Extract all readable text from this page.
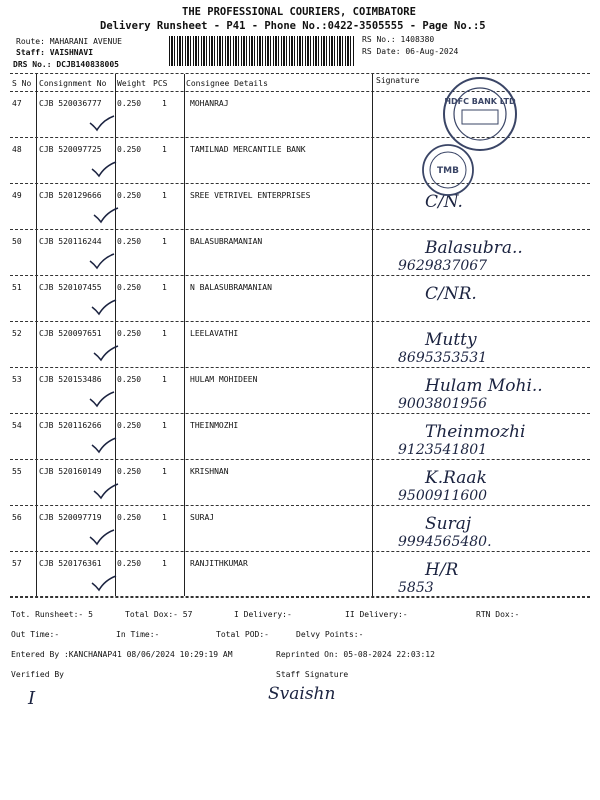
THE PROFESSIONAL COURIERS, COIMBATORE
Delivery Runsheet - P41 - Phone No.:0422-3505555 - Page No.:5
Route: MAHARANI AVENUE
Staff: VAISHNAVI
DRS No.: DCJB140838005
RS No.: 1408380
RS Date: 06-Aug-2024
S No Consignment No Weight PCS Consignee Details	Signature
47 CJB 520036777 0.250	1	MOHANRAJ
48 CJB 520097725 0.250	1	TAMILNAD MERCANTILE BANK
49 CJB 520129666 0.250	1	SREE VETRIVEL ENTERPRISES	C/N.
50 CJB 520116244 0.250	1	BALASUBRAMANIAN	Balasubra..
9629837067
51 CJB 520107455 0.250	1	N BALASUBRAMANIAN	C/NR.
52 CJB 520097651 0.250	1	LEELAVATHI	Mutty
8695353531
53 CJB 520153486 0.250	1	HULAM MOHIDEEN	Hulam Mohi..
9003801956
54 CJB 520116266 0.250	1	THEINMOZHI	Theinmozhi
9123541801
55 CJB 520160149 0.250	1	KRISHNAN	K.Raak
9500911600
56 CJB 520097719 0.250	1	SURAJ	Suraj
9994565480.
57 CJB 520176361 0.250	1	RANJITHKUMAR	H/R
5853
HDFC BANK LTD
TMB
Tot. Runsheet:- 5	Total Dox:- 57	I Delivery:-	II Delivery:-	RTN Dox:-
Out Time:-	In Time:-	Total POD:-	Delvy Points:-
Entered By :KANCHANAP41 08/06/2024 10:29:19 AM	Reprinted On: 05-08-2024 22:03:12
Verified By	Staff Signature
I	Svaishn
